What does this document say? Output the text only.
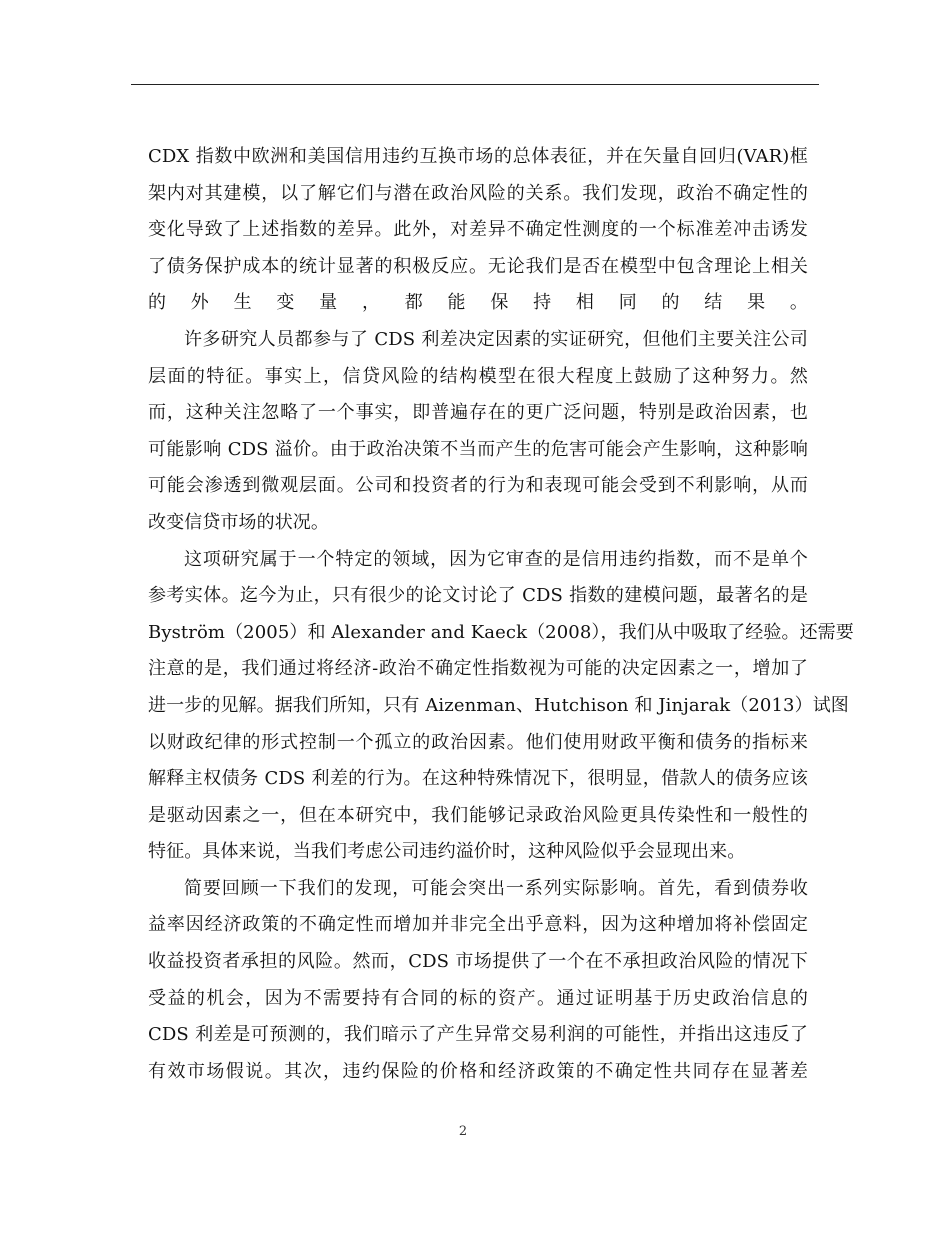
CDX 指数中欧洲和美国信用违约互换市场的总体表征，并在矢量自回归(VAR)框
架内对其建模，以了解它们与潜在政治风险的关系。我们发现，政治不确定性的
变化导致了上述指数的差异。此外，对差异不确定性测度的一个标准差冲击诱发
了债务保护成本的统计显著的积极反应。无论我们是否在模型中包含理论上相关
的外生变量，都能保持相同的结果。
许多研究人员都参与了 CDS 利差决定因素的实证研究，但他们主要关注公司
层面的特征。事实上，信贷风险的结构模型在很大程度上鼓励了这种努力。然
而，这种关注忽略了一个事实，即普遍存在的更广泛问题，特别是政治因素，也
可能影响 CDS 溢价。由于政治决策不当而产生的危害可能会产生影响，这种影响
可能会渗透到微观层面。公司和投资者的行为和表现可能会受到不利影响，从而
改变信贷市场的状况。
这项研究属于一个特定的领域，因为它审查的是信用违约指数，而不是单个
参考实体。迄今为止，只有很少的论文讨论了 CDS 指数的建模问题，最著名的是
Byström（2005）和 Alexander and Kaeck（2008），我们从中吸取了经验。还需要
注意的是，我们通过将经济-政治不确定性指数视为可能的决定因素之一，增加了
进一步的见解。据我们所知，只有 Aizenman、Hutchison 和 Jinjarak（2013）试图
以财政纪律的形式控制一个孤立的政治因素。他们使用财政平衡和债务的指标来
解释主权债务 CDS 利差的行为。在这种特殊情况下，很明显，借款人的债务应该
是驱动因素之一，但在本研究中，我们能够记录政治风险更具传染性和一般性的
特征。具体来说，当我们考虑公司违约溢价时，这种风险似乎会显现出来。
简要回顾一下我们的发现，可能会突出一系列实际影响。首先，看到债券收
益率因经济政策的不确定性而增加并非完全出乎意料，因为这种增加将补偿固定
收益投资者承担的风险。然而，CDS 市场提供了一个在不承担政治风险的情况下
受益的机会，因为不需要持有合同的标的资产。通过证明基于历史政治信息的
CDS 利差是可预测的，我们暗示了产生异常交易利润的可能性，并指出这违反了
有效市场假说。其次，违约保险的价格和经济政策的不确定性共同存在显著差
2
